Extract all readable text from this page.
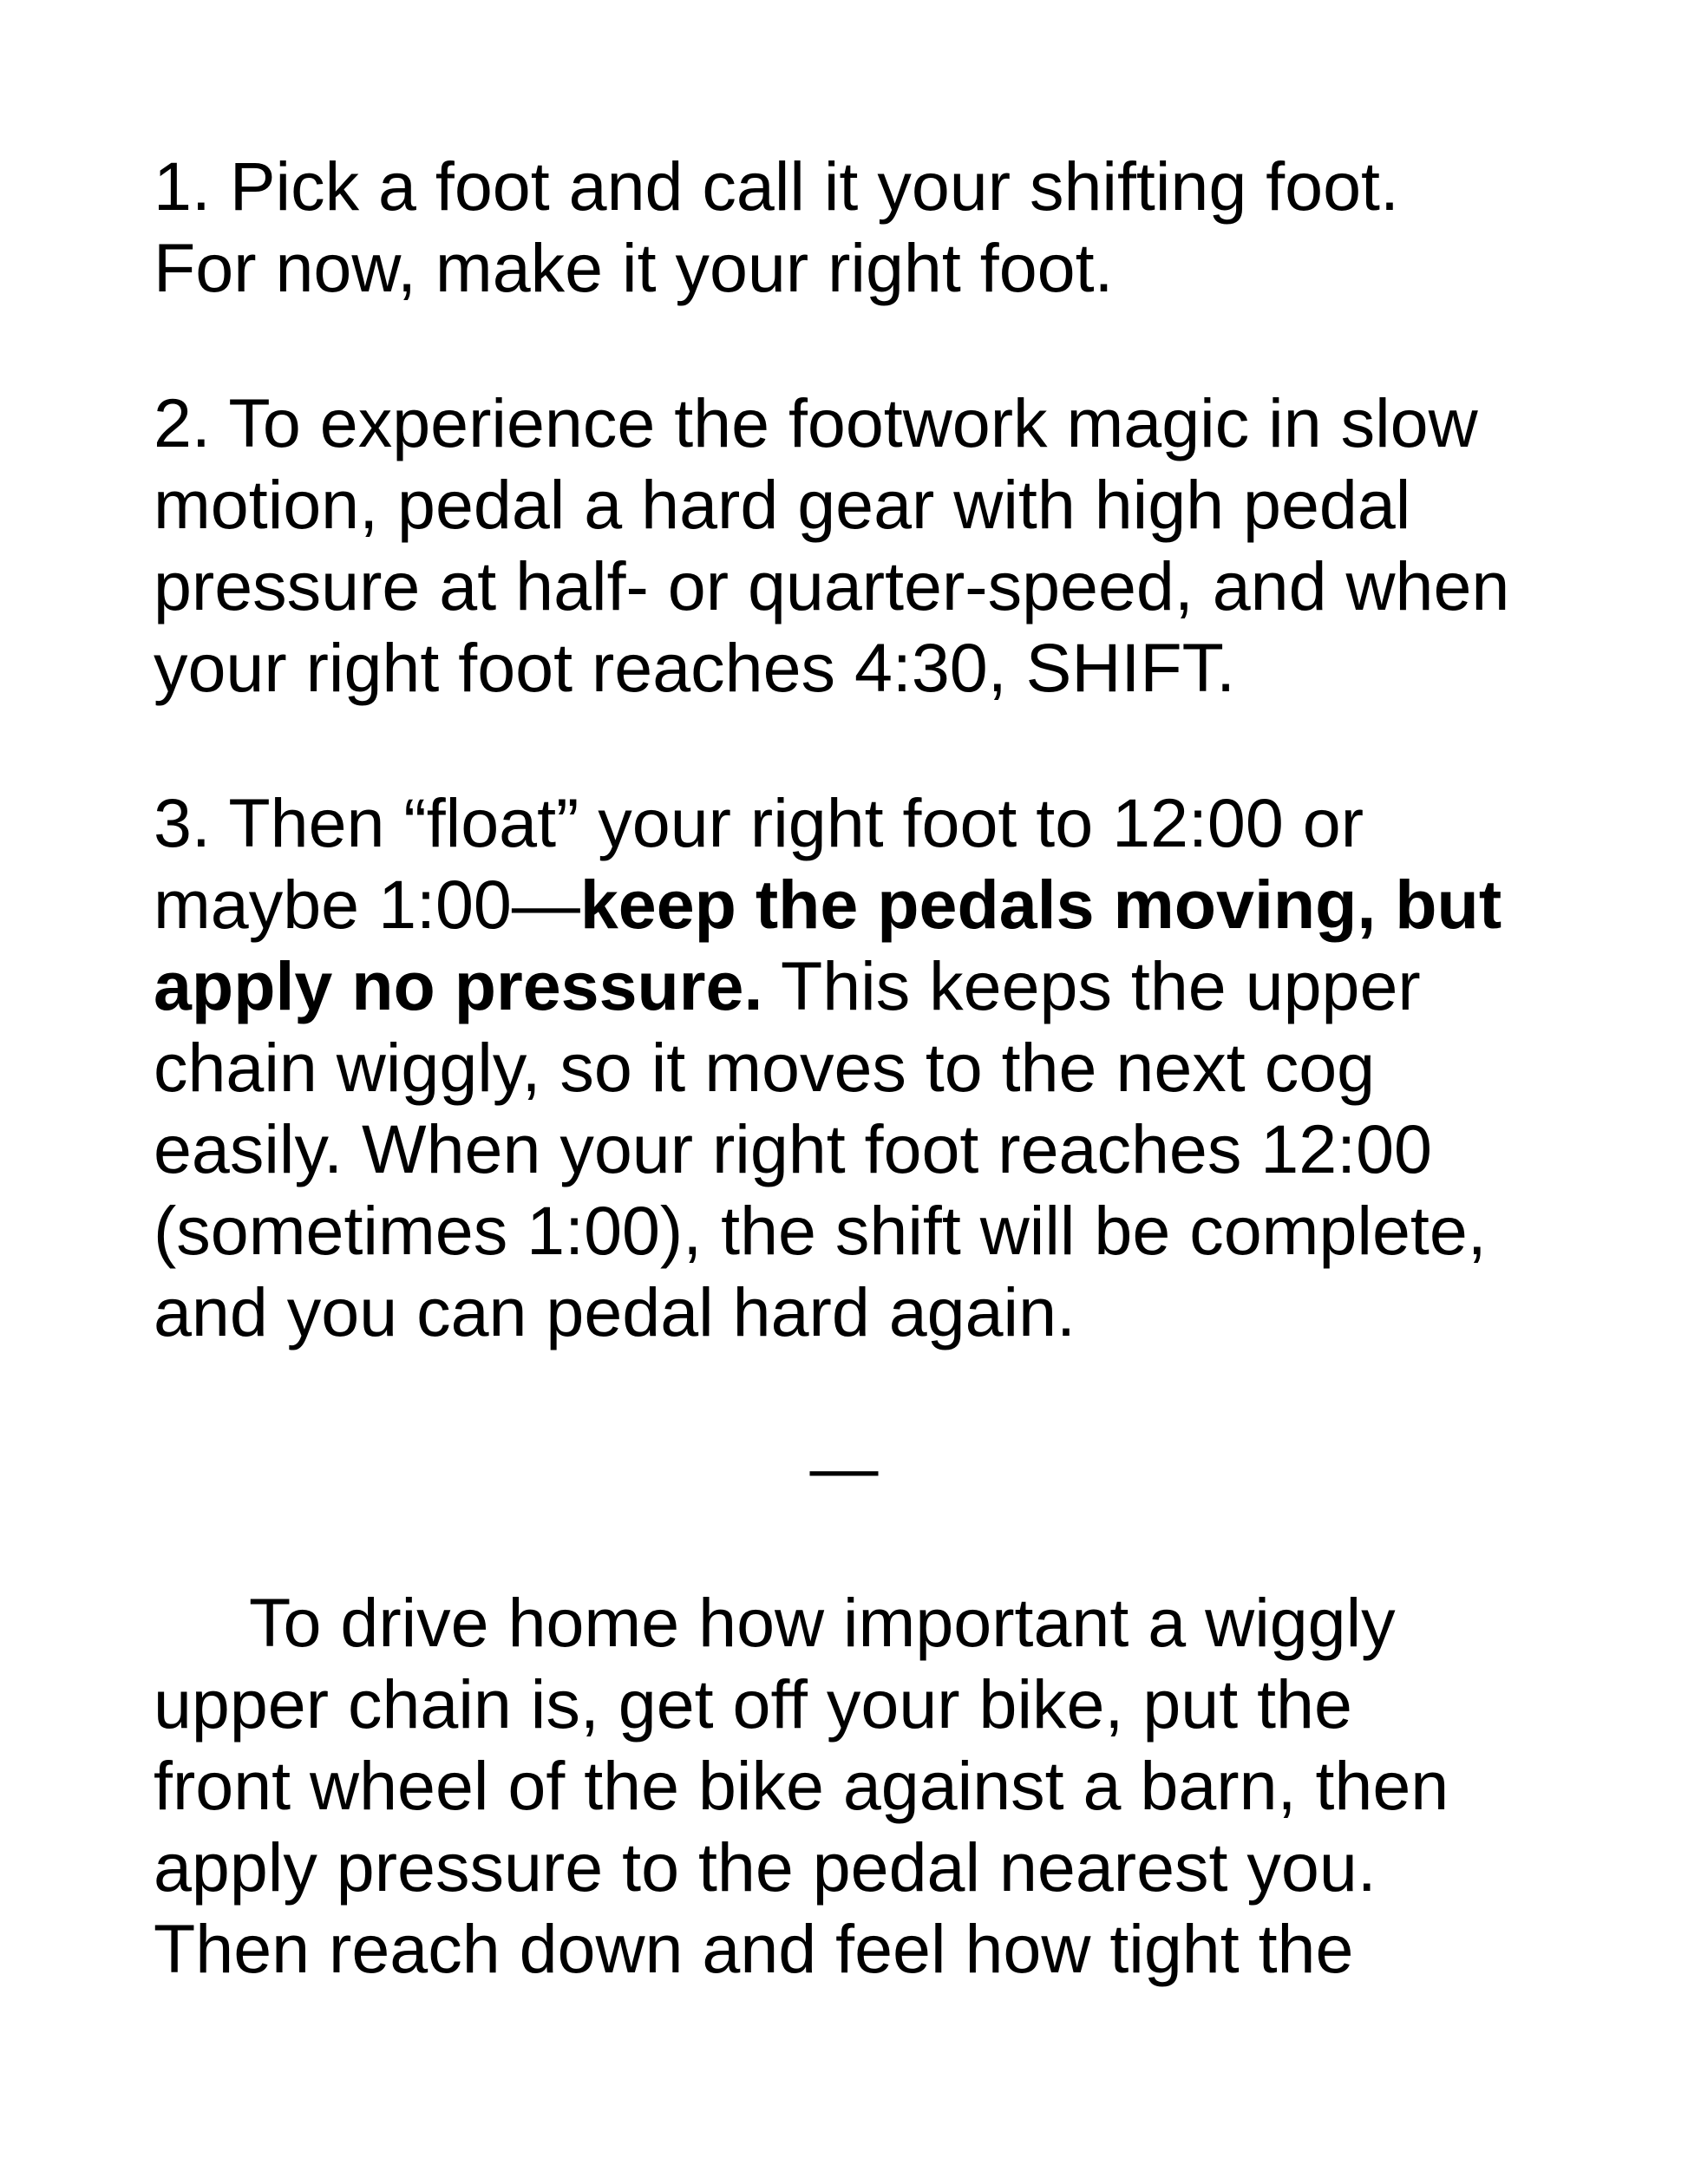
1. Pick a foot and call it your shifting foot.
For now, make it your right foot.

2. To experience the footwork magic in slow
motion, pedal a hard gear with high pedal
pressure at half- or quarter-speed, and when
your right foot reaches 4:30, SHIFT.

3. Then “float” your right foot to 12:00 or
maybe 1:00—keep the pedals moving, but
apply no pressure. This keeps the upper
chain wiggly, so it moves to the next cog
easily. When your right foot reaches 12:00
(sometimes 1:00), the shift will be complete,
and you can pedal hard again.

—

To drive home how important a wiggly
upper chain is, get off your bike, put the
front wheel of the bike against a barn, then
apply pressure to the pedal nearest you.
Then reach down and feel how tight the
